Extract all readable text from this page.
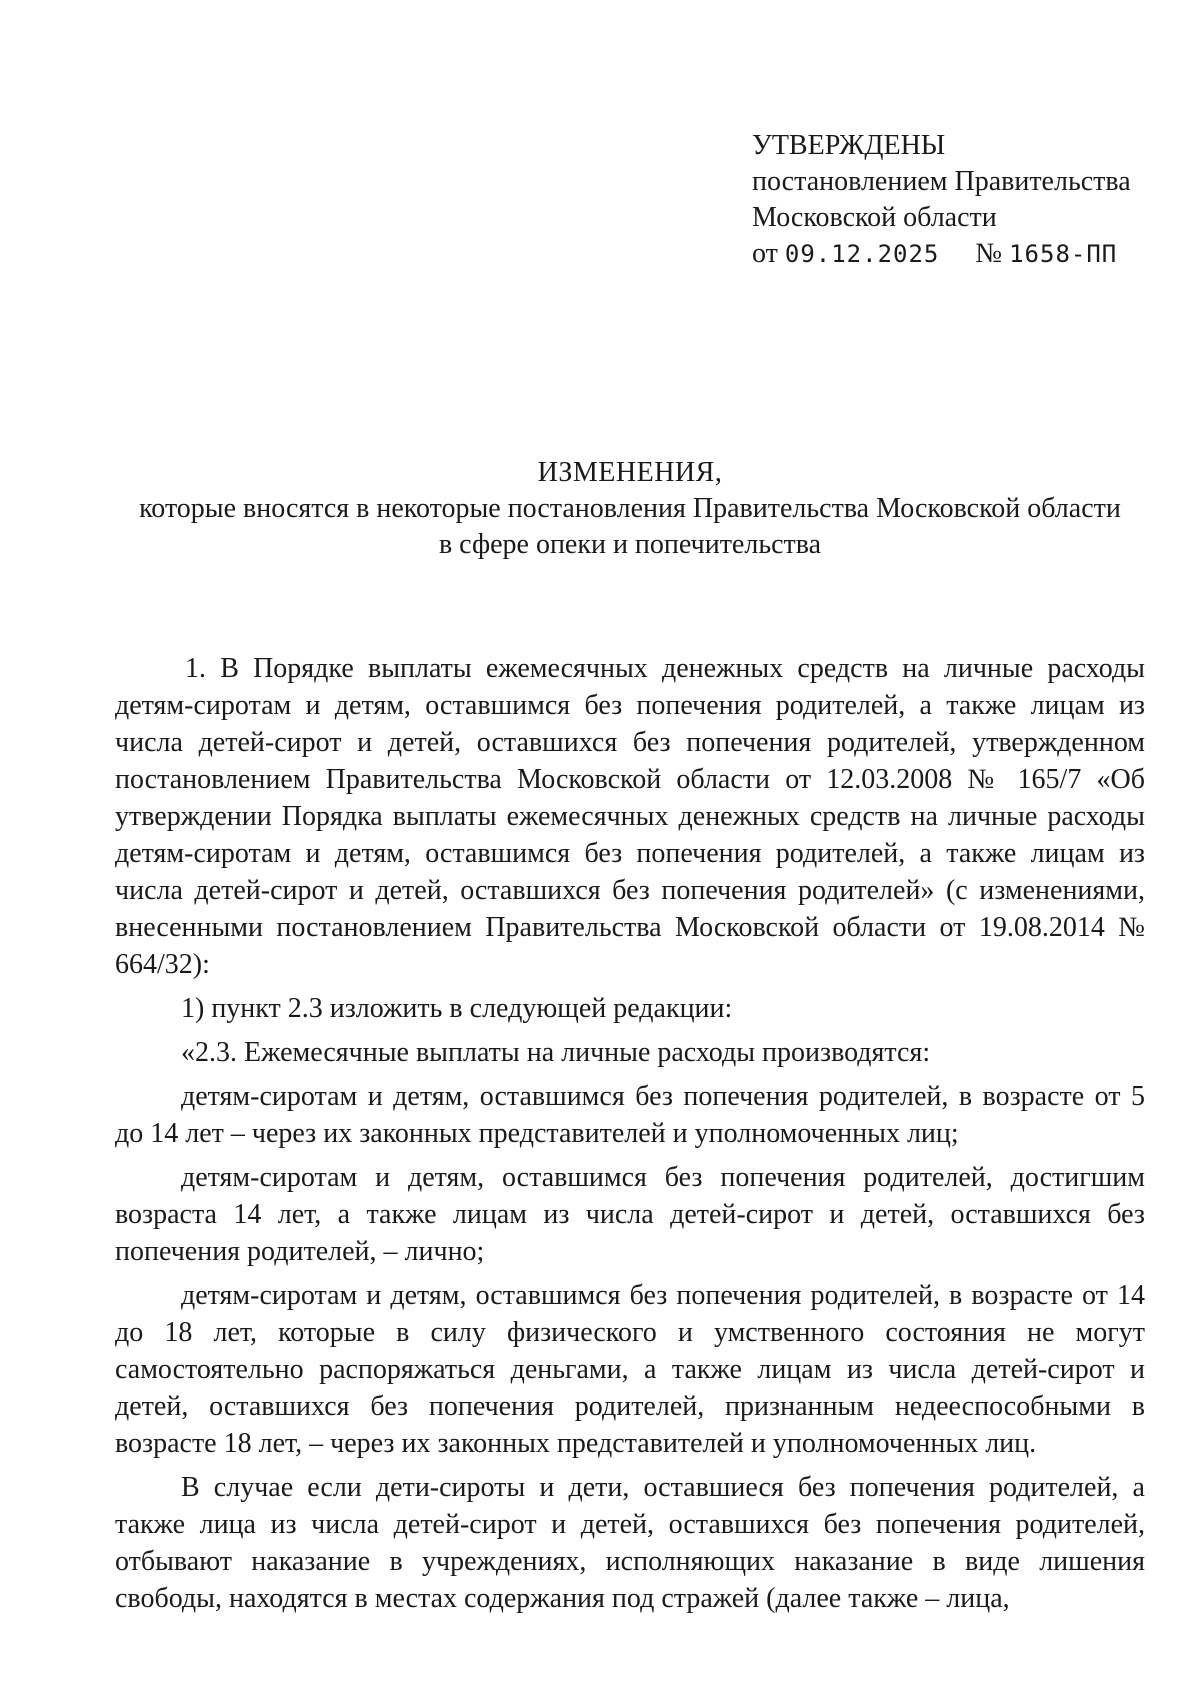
УТВЕРЖДЕНЫ
постановлением Правительства
Московской области
от 09.12.2025 № 1658-ПП
ИЗМЕНЕНИЯ,
которые вносятся в некоторые постановления Правительства Московской области
в сфере опеки и попечительства

1. В Порядке выплаты ежемесячных денежных средств на личные расходы детям-сиротам и детям, оставшимся без попечения родителей, а также лицам из числа детей-сирот и детей, оставшихся без попечения родителей, утвержденном постановлением Правительства Московской области от 12.03.2008 № 165/7 «Об утверждении Порядка выплаты ежемесячных денежных средств на личные расходы детям-сиротам и детям, оставшимся без попечения родителей, а также лицам из числа детей-сирот и детей, оставшихся без попечения родителей» (с изменениями, внесенными постановлением Правительства Московской области от 19.08.2014 № 664/32):

1) пункт 2.3 изложить в следующей редакции:

«2.3. Ежемесячные выплаты на личные расходы производятся:

детям-сиротам и детям, оставшимся без попечения родителей, в возрасте от 5 до 14 лет – через их законных представителей и уполномоченных лиц;

детям-сиротам и детям, оставшимся без попечения родителей, достигшим возраста 14 лет, а также лицам из числа детей-сирот и детей, оставшихся без попечения родителей, – лично;

детям-сиротам и детям, оставшимся без попечения родителей, в возрасте от 14 до 18 лет, которые в силу физического и умственного состояния не могут самостоятельно распоряжаться деньгами, а также лицам из числа детей-сирот и детей, оставшихся без попечения родителей, признанным недееспособными в возрасте 18 лет, – через их законных представителей и уполномоченных лиц.

В случае если дети-сироты и дети, оставшиеся без попечения родителей, а также лица из числа детей-сирот и детей, оставшихся без попечения родителей, отбывают наказание в учреждениях, исполняющих наказание в виде лишения свободы, находятся в местах содержания под стражей (далее также – лица,
